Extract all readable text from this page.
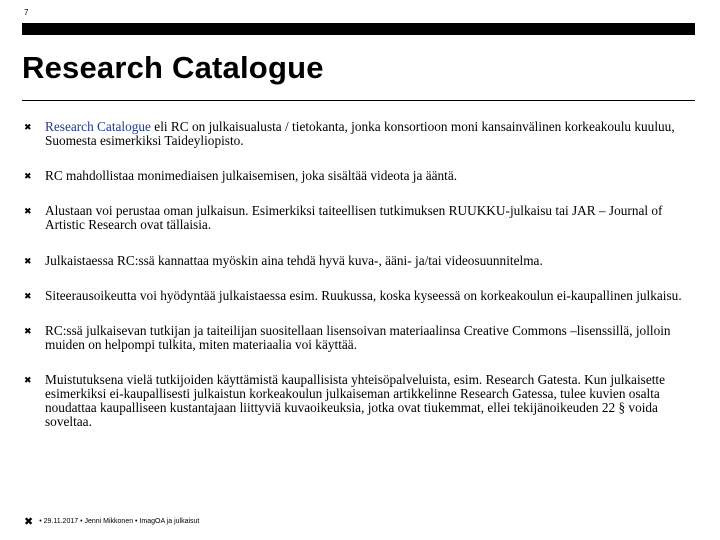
7
Research Catalogue
✖ Research Catalogue eli RC on julkaisualusta / tietokanta, jonka konsortioon moni kansainvälinen korkeakoulu kuuluu, Suomesta esimerkiksi Taideyliopisto.
✖ RC mahdollistaa monimediaisen julkaisemisen, joka sisältää videota ja ääntä.
✖ Alustaan voi perustaa oman julkaisun. Esimerkiksi taiteellisen tutkimuksen RUUKKU-julkaisu tai JAR – Journal of Artistic Research ovat tällaisia.
✖ Julkaistaessa RC:ssä kannattaa myöskin aina tehdä hyvä kuva-, ääni- ja/tai videosuunnitelma.
✖ Siteerausoikeutta voi hyödyntää julkaistaessa esim. Ruukussa, koska kyseessä on korkeakoulun ei-kaupallinen julkaisu.
✖ RC:ssä julkaisevan tutkijan ja taiteilijan suositellaan lisensoivan materiaalinsa Creative Commons –lisenssillä, jolloin muiden on helpompi tulkita, miten materiaalia voi käyttää.
✖ Muistutuksena vielä tutkijoiden käyttämistä kaupallisista yhteisöpalveluista, esim. Research Gatesta. Kun julkaisette esimerkiksi ei-kaupallisesti julkaistun korkeakoulun julkaiseman artikkelinne Research Gatessa, tulee kuvien osalta noudattaa kaupalliseen kustantajaan liittyviä kuvaoikeuksia, jotka ovat tiukemmat, ellei tekijänoikeuden 22 § voida soveltaa.
✖ • 29.11.2017 • Jenni Mikkonen • ImagOA ja julkaisut
